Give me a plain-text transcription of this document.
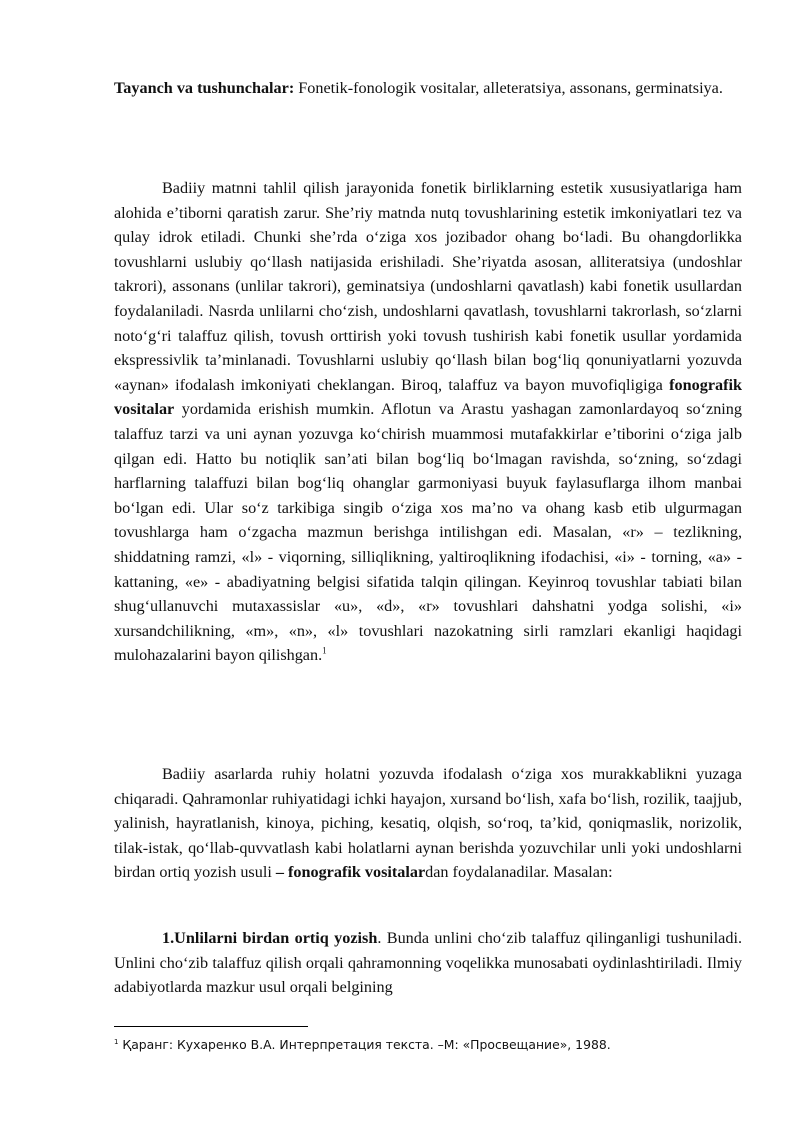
Tayanch va tushunchalar: Fonetik-fonologik vositalar, alleteratsiya, assonans, germinatsiya.

Badiiy matnni tahlil qilish jarayonida fonetik birliklarning estetik xususiyatlariga ham alohida e’tiborni qaratish zarur. She’riy matnda nutq tovushlarining estetik imkoniyatlari tez va qulay idrok etiladi. Chunki she’rda o‘ziga xos jozibador ohang bo‘ladi. Bu ohangdorlikka tovushlarni uslubiy qo‘llash natijasida erishiladi. She’riyatda asosan, alliteratsiya (undoshlar takrori), assonans (unlilar takrori), geminatsiya (undoshlarni qavatlash) kabi fonetik usullardan foydalaniladi. Nasrda unlilarni cho‘zish, undoshlarni qavatlash, tovushlarni takrorlash, so‘zlarni noto‘g‘ri talaffuz qilish, tovush orttirish yoki tovush tushirish kabi fonetik usullar yordamida ekspressivlik ta’minlanadi. Tovushlarni uslubiy qo‘llash bilan bog‘liq qonuniyatlarni yozuvda «aynan» ifodalash imkoniyati cheklangan. Biroq, talaffuz va bayon muvofiqligiga fonografik vositalar yordamida erishish mumkin. Aflotun va Arastu yashagan zamonlardayoq so‘zning talaffuz tarzi va uni aynan yozuvga ko‘chirish muammosi mutafakkirlar e’tiborini o‘ziga jalb qilgan edi. Hatto bu notiqlik san’ati bilan bog‘liq bo‘lmagan ravishda, so‘zning, so‘zdagi harflarning talaffuzi bilan bog‘liq ohanglar garmoniyasi buyuk faylasuflarga ilhom manbai bo‘lgan edi. Ular so‘z tarkibiga singib o‘ziga xos ma’no va ohang kasb etib ulgurmagan tovushlarga ham o‘zgacha mazmun berishga intilishgan edi. Masalan, «r» – tezlikning, shiddatning ramzi, «l» - viqorning, silliqlikning, yaltiroqlikning ifodachisi, «i» - torning, «a» - kattaning, «e» - abadiyatning belgisi sifatida talqin qilingan. Keyinroq tovushlar tabiati bilan shug‘ullanuvchi mutaxassislar «u», «d», «r» tovushlari dahshatni yodga solishi, «i» xursandchilikning, «m», «n», «l» tovushlari nazokatning sirli ramzlari ekanligi haqidagi mulohazalarini bayon qilishgan.$^1$

Badiiy asarlarda ruhiy holatni yozuvda ifodalash o‘ziga xos murakkablikni yuzaga chiqaradi. Qahramonlar ruhiyatidagi ichki hayajon, xursand bo‘lish, xafa bo‘lish, rozilik, taajjub, yalinish, hayratlanish, kinoya, piching, kesatiq, olqish, so‘roq, ta’kid, qoniqmaslik, norizolik, tilak-istak, qo‘llab-quvvatlash kabi holatlarni aynan berishda yozuvchilar unli yoki undoshlarni birdan ortiq yozish usuli – fonografik vositalardan foydalanadilar. Masalan:

1.Unlilarni birdan ortiq yozish. Bunda unlini cho‘zib talaffuz qilinganligi tushuniladi. Unlini cho‘zib talaffuz qilish orqali qahramonning voqelikka munosabati oydinlashtiriladi. Ilmiy adabiyotlarda mazkur usul orqali belgining

$^1$ Қаранг: Кухаренко В.А. Интерпретация текста. –М: «Просвещание», 1988.
